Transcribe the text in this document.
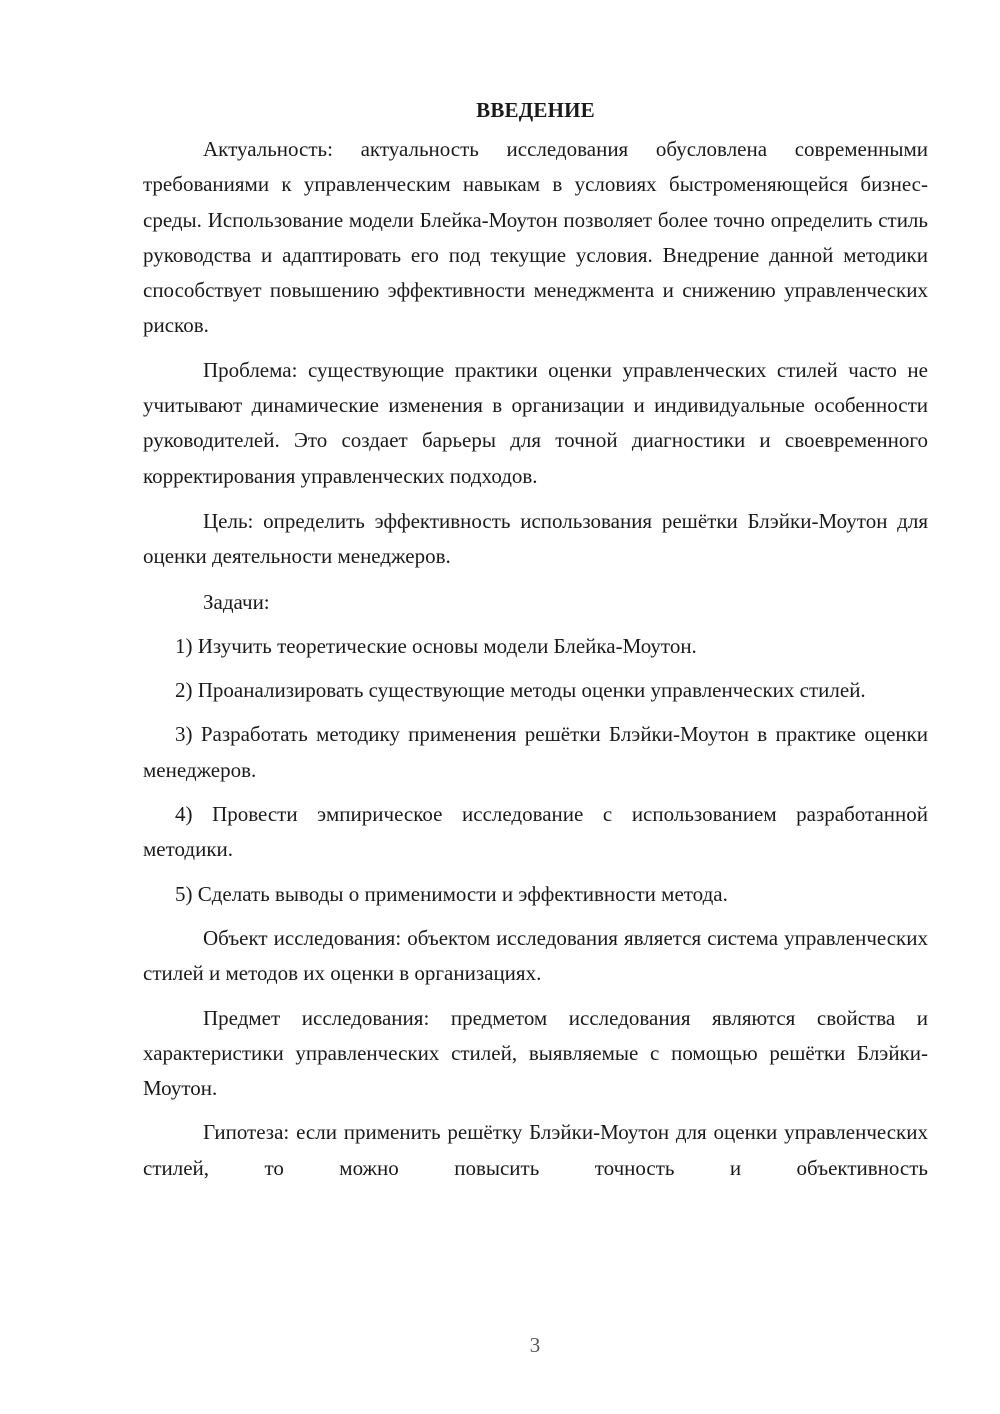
ВВЕДЕНИЕ

Актуальность: актуальность исследования обусловлена современными требованиями к управленческим навыкам в условиях быстроменяющейся бизнес-среды. Использование модели Блейка-Моутон позволяет более точно определить стиль руководства и адаптировать его под текущие условия. Внедрение данной методики способствует повышению эффективности менеджмента и снижению управленческих рисков.

Проблема: существующие практики оценки управленческих стилей часто не учитывают динамические изменения в организации и индивидуальные особенности руководителей. Это создает барьеры для точной диагностики и своевременного корректирования управленческих подходов.

Цель: определить эффективность использования решётки Блэйки-Моутон для оценки деятельности менеджеров.

Задачи:

1) Изучить теоретические основы модели Блейка-Моутон.

2) Проанализировать существующие методы оценки управленческих стилей.

3) Разработать методику применения решётки Блэйки-Моутон в практике оценки менеджеров.

4) Провести эмпирическое исследование с использованием разработанной методики.

5) Сделать выводы о применимости и эффективности метода.

Объект исследования: объектом исследования является система управленческих стилей и методов их оценки в организациях.

Предмет исследования: предметом исследования являются свойства и характеристики управленческих стилей, выявляемые с помощью решётки Блэйки-Моутон.

Гипотеза: если применить решётку Блэйки-Моутон для оценки управленческих стилей, то можно повысить точность и объективность

3
